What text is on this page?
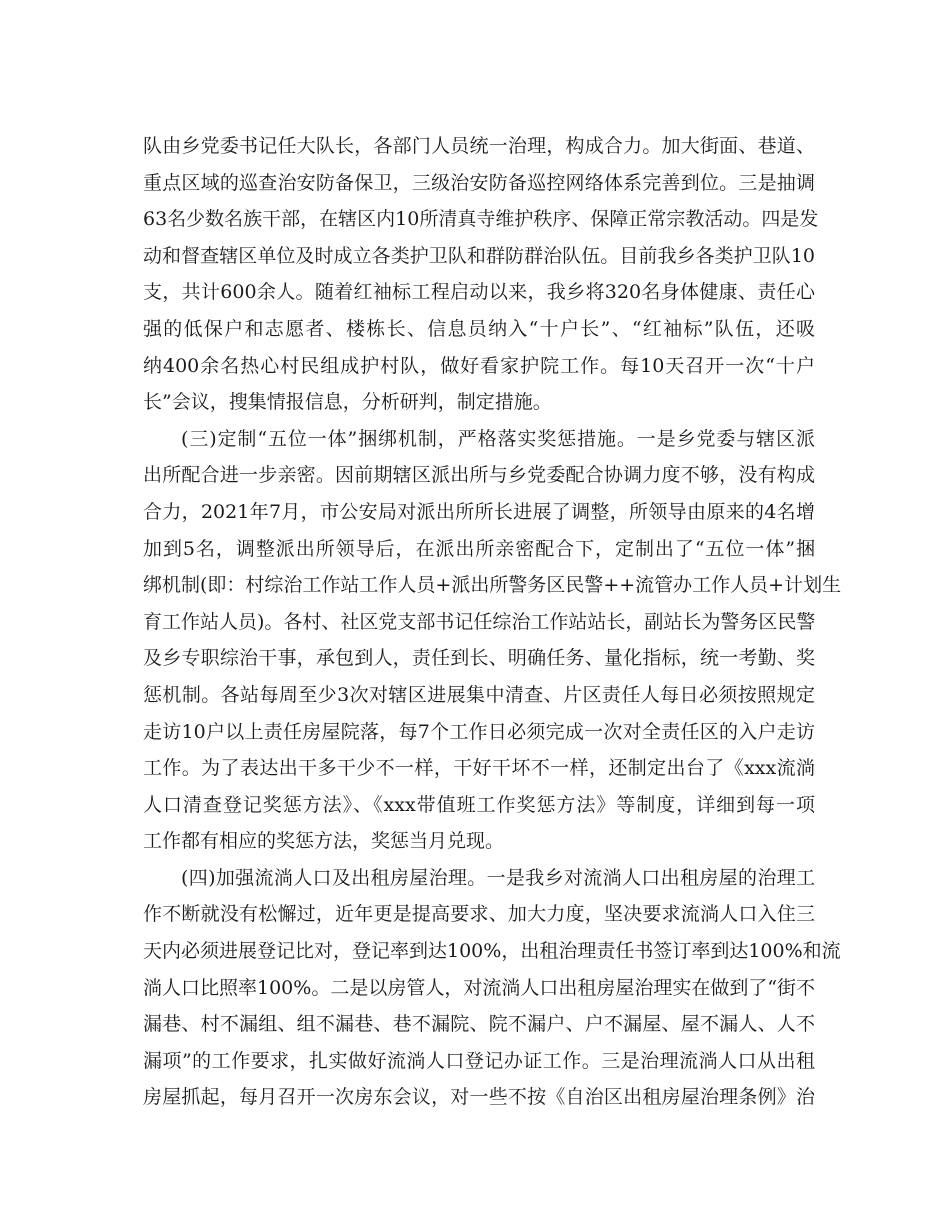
队由乡党委书记任大队长，各部门人员统一治理，构成合力。加大街面、巷道、
重点区域的巡查治安防备保卫，三级治安防备巡控网络体系完善到位。三是抽调
63名少数名族干部，在辖区内10所清真寺维护秩序、保障正常宗教活动。四是发
动和督查辖区单位及时成立各类护卫队和群防群治队伍。目前我乡各类护卫队10
支，共计600余人。随着红袖标工程启动以来，我乡将320名身体健康、责任心
强的低保户和志愿者、楼栋长、信息员纳入“十户长”、“红袖标”队伍，还吸
纳400余名热心村民组成护村队，做好看家护院工作。每10天召开一次“十户
长”会议，搜集情报信息，分析研判，制定措施。
(三)定制“五位一体”捆绑机制，严格落实奖惩措施。一是乡党委与辖区派
出所配合进一步亲密。因前期辖区派出所与乡党委配合协调力度不够，没有构成
合力，2021年7月，市公安局对派出所所长进展了调整，所领导由原来的4名增
加到5名，调整派出所领导后，在派出所亲密配合下，定制出了“五位一体”捆
绑机制(即：村综治工作站工作人员+派出所警务区民警++流管办工作人员+计划生
育工作站人员)。各村、社区党支部书记任综治工作站站长，副站长为警务区民警
及乡专职综治干事，承包到人，责任到长、明确任务、量化指标，统一考勤、奖
惩机制。各站每周至少3次对辖区进展集中清查、片区责任人每日必须按照规定
走访10户以上责任房屋院落，每7个工作日必须完成一次对全责任区的入户走访
工作。为了表达出干多干少不一样，干好干坏不一样，还制定出台了《xxx流淌
人口清查登记奖惩方法》、《xxx带值班工作奖惩方法》等制度，详细到每一项
工作都有相应的奖惩方法，奖惩当月兑现。
(四)加强流淌人口及出租房屋治理。一是我乡对流淌人口出租房屋的治理工
作不断就没有松懈过，近年更是提高要求、加大力度，坚决要求流淌人口入住三
天内必须进展登记比对，登记率到达100%，出租治理责任书签订率到达100%和流
淌人口比照率100%。二是以房管人，对流淌人口出租房屋治理实在做到了“街不
漏巷、村不漏组、组不漏巷、巷不漏院、院不漏户、户不漏屋、屋不漏人、人不
漏项”的工作要求，扎实做好流淌人口登记办证工作。三是治理流淌人口从出租
房屋抓起，每月召开一次房东会议，对一些不按《自治区出租房屋治理条例》治
